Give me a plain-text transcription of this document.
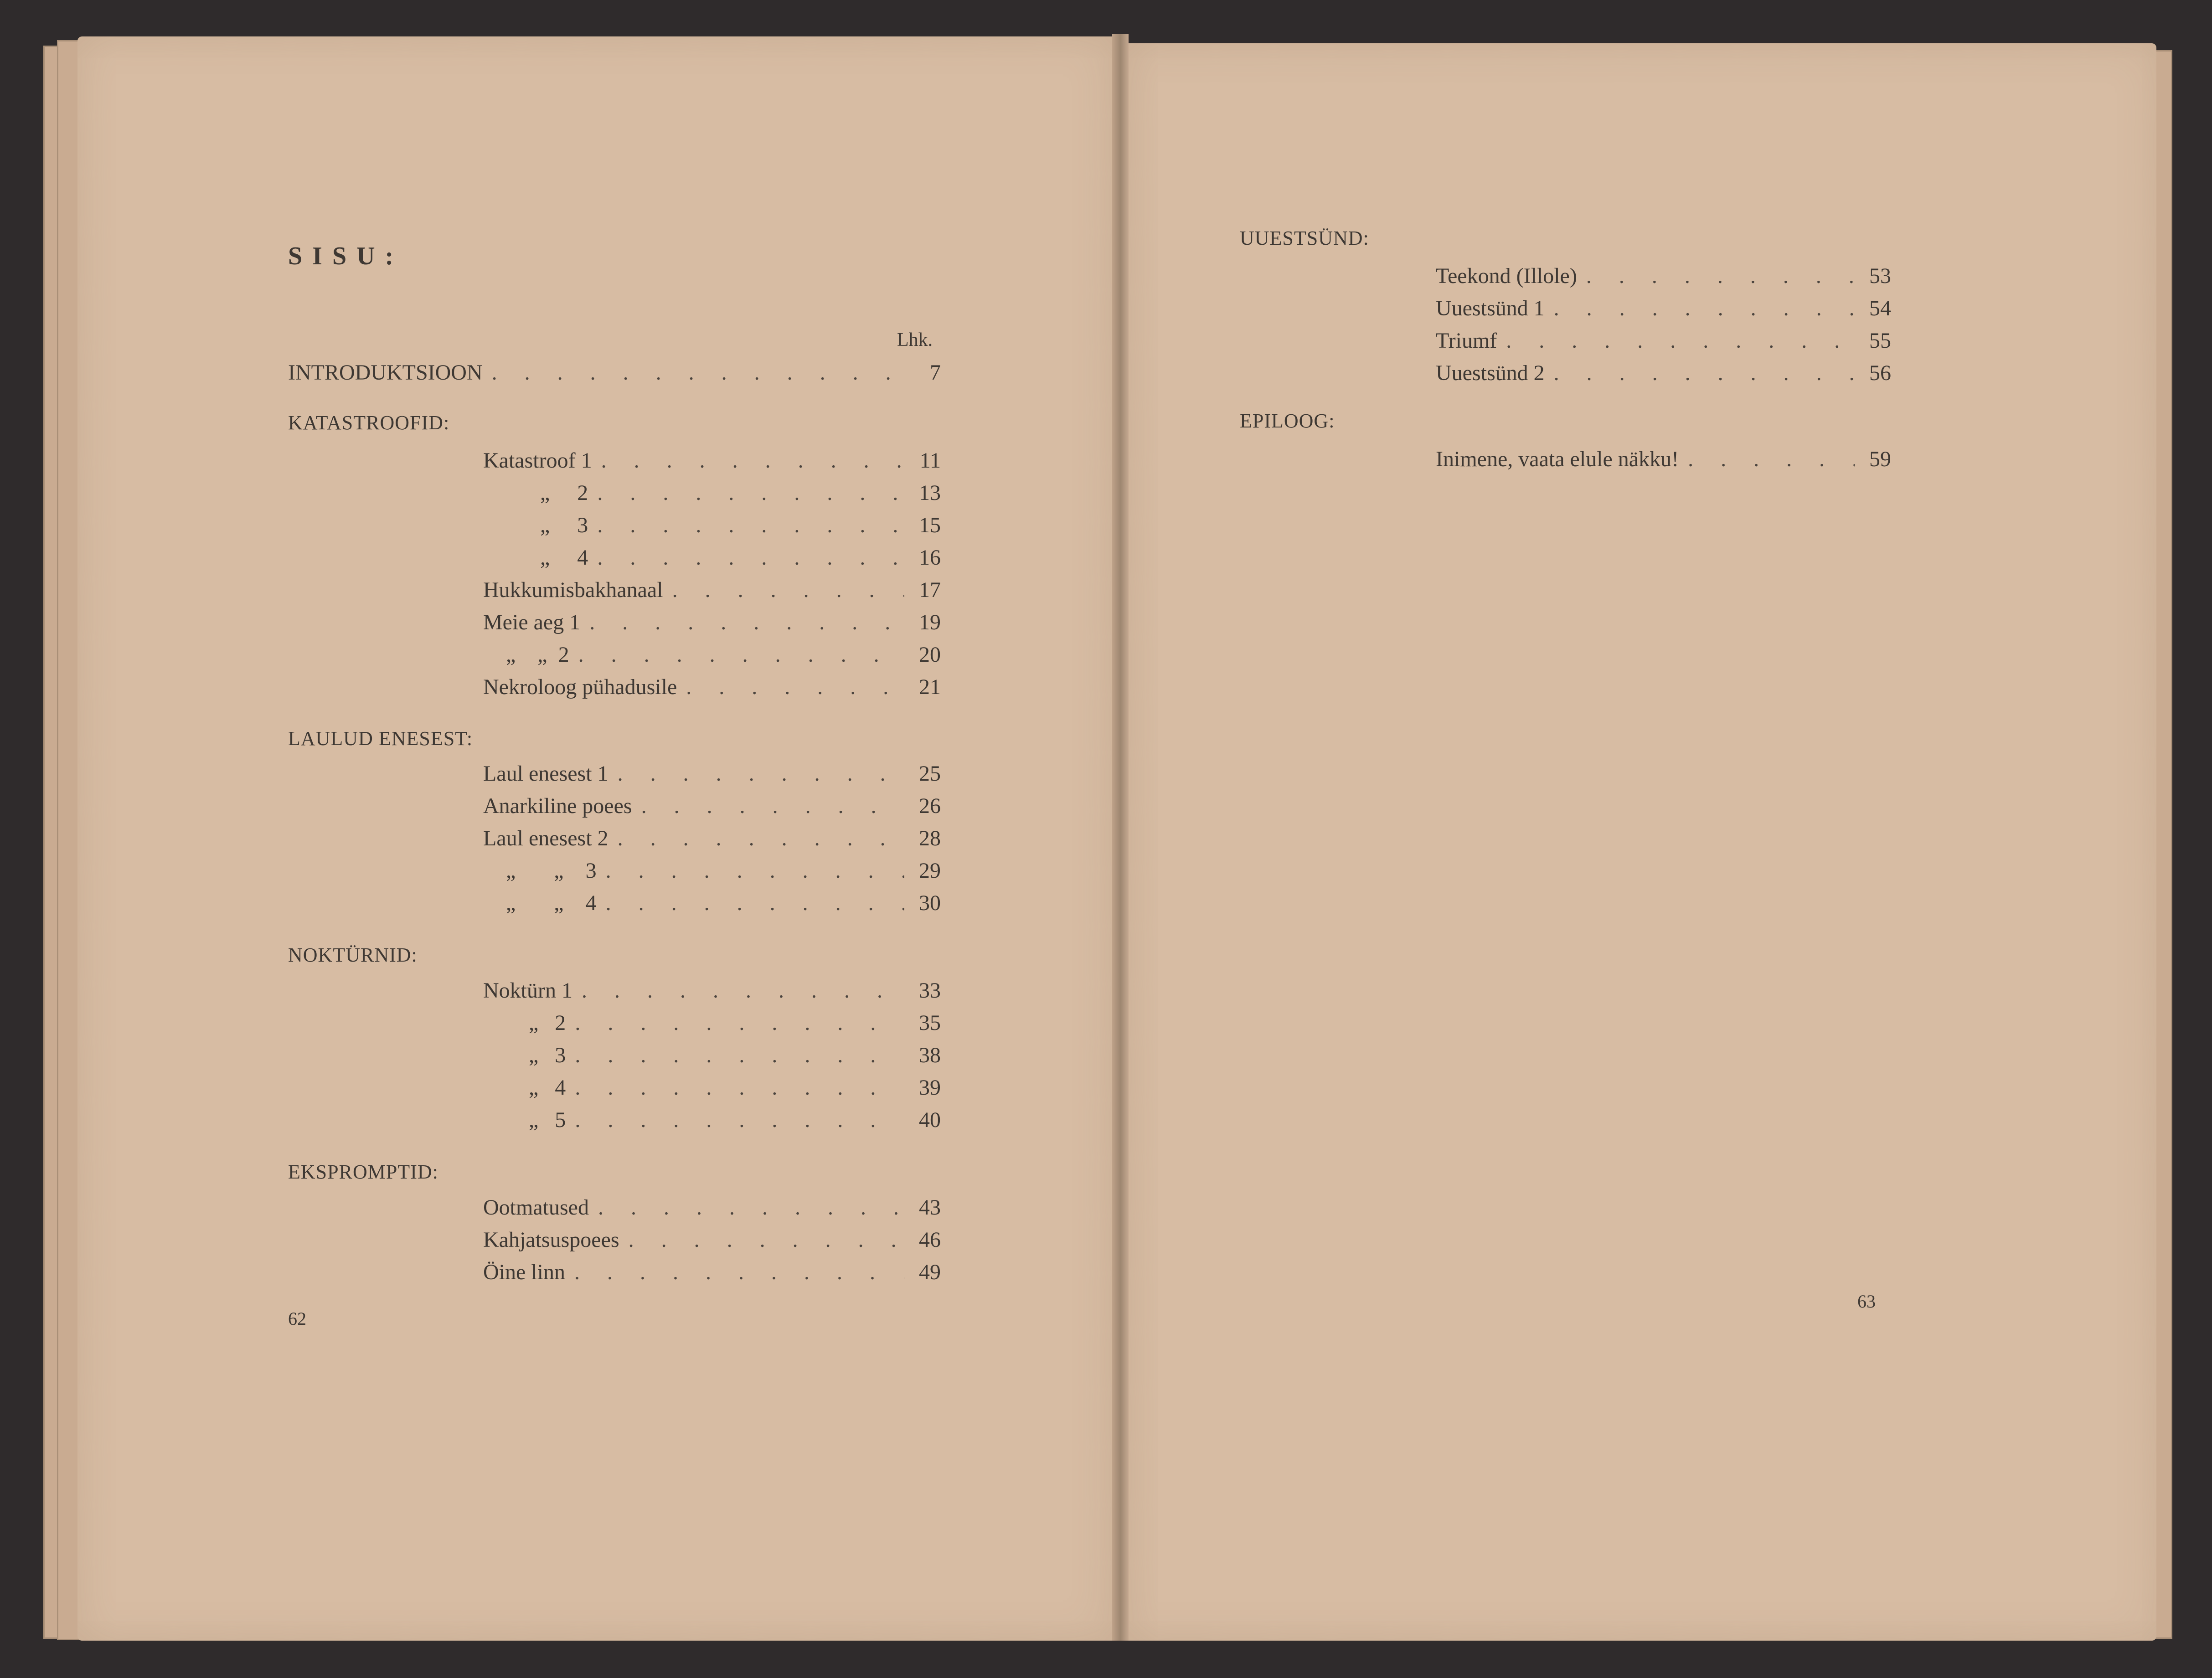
SISU:
Lhk.
INTRODUKTSIOON . . .	7
KATASTROOFID:
Katastroof 1 . . .	11
„     2 . . .	13
„     3 . . .	15
„     4 . . .	16
Hukkumisbakhanaal . . .	17
Meie aeg 1 . . .	19
„    „  2 . . .	20
Nekroloog pühadusile . . .	21
LAULUD ENESEST:
Laul enesest 1 . . .	25
Anarkiline poees . . .	26
Laul enesest 2 . . .	28
„       „    3 . . .	29
„       „    4 . . .	30
NOKTÜRNID:
Noktürn 1 . . .	33
„   2 . . .	35
„   3 . . .	38
„   4 . . .	39
„   5 . . .	40
EKSPROMPTID:
Ootmatused . . .	43
Kahjatsuspoees . . .	46
Öine linn . . .	49
62
UUESTSÜND:
Teekond (Illole) . . .	53
Uuestsünd 1 . . .	54
Triumf . . .	55
Uuestsünd 2 . . .	56
EPILOOG:
Inimene, vaata elule näkku! . . .	59
63
